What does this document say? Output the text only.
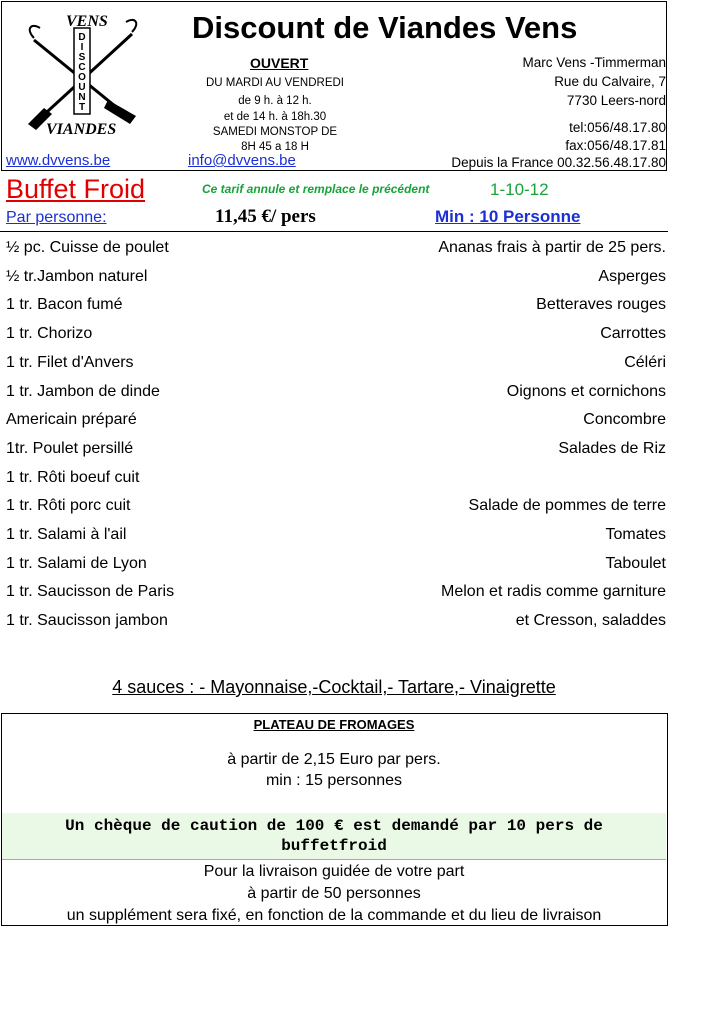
VENS
D I S C O U N T
VIANDES
Discount de Viandes Vens
OUVERT
DU MARDI AU VENDREDI
de 9 h. à 12 h.
et de 14 h. à 18h.30
SAMEDI MONSTOP DE
8H 45 a 18 H
Marc Vens -Timmerman
Rue du Calvaire, 7
7730 Leers-nord
tel:056/48.17.80
fax:056/48.17.81
www.dvvens.be	info@dvvens.be	Depuis la France 00.32.56.48.17.80
Buffet Froid	Ce tarif annule et remplace le précédent	1-10-12
Par personne:	11,45 €/ pers	Min : 10 Personne
½ pc. Cuisse de poulet	Ananas frais à partir de 25 pers.
½ tr.Jambon naturel	Asperges
1 tr. Bacon fumé	Betteraves rouges
1 tr. Chorizo	Carrottes
1 tr. Filet d'Anvers	Céléri
1 tr. Jambon de dinde	Oignons et cornichons
Americain préparé	Concombre
1tr. Poulet persillé	Salades de Riz
1 tr. Rôti boeuf cuit
1 tr. Rôti porc cuit	Salade de pommes de terre
1 tr. Salami à l'ail	Tomates
1 tr. Salami de Lyon	Taboulet
1 tr. Saucisson de Paris	Melon et radis comme garniture
1 tr. Saucisson jambon	et Cresson, saladdes
4 sauces : - Mayonnaise,-Cocktail,- Tartare,- Vinaigrette
PLATEAU DE FROMAGES
à partir de 2,15 Euro par pers.
min : 15 personnes
Un chèque de caution de 100 € est demandé par 10 pers de buffetfroid
Pour la livraison guidée de votre part
à partir de 50 personnes
un supplément sera fixé, en fonction de la commande et du lieu de livraison
